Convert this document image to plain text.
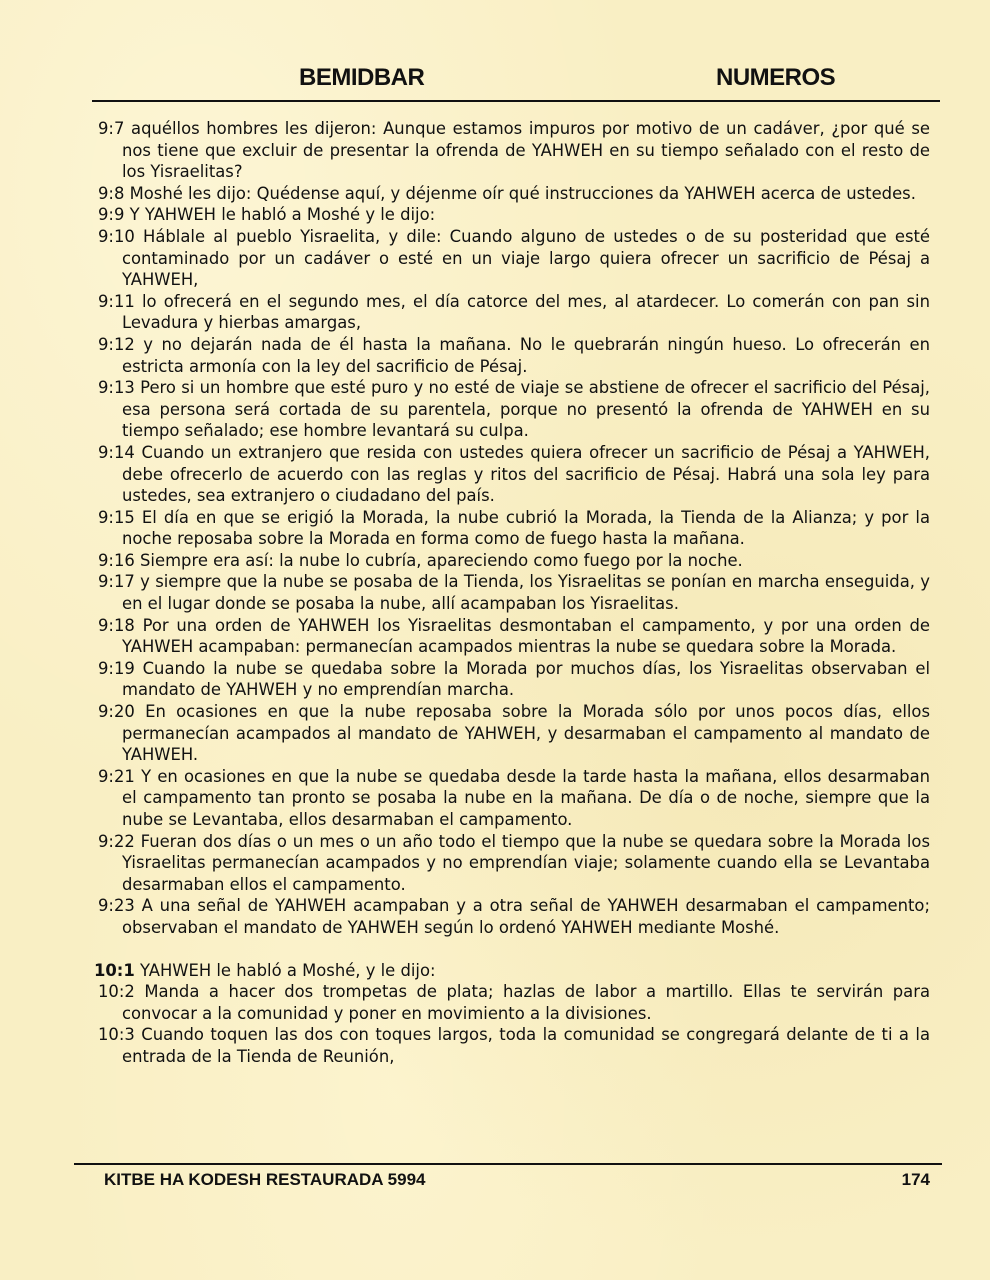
BEMIDBAR	NUMEROS
9:7 aquéllos hombres les dijeron: Aunque estamos impuros por motivo de un cadáver, ¿por qué se nos tiene que excluir de presentar la ofrenda de YAHWEH en su tiempo señalado con el resto de los Yisraelitas?
9:8 Moshé les dijo: Quédense aquí, y déjenme oír qué instrucciones da YAHWEH acerca de ustedes.
9:9 Y YAHWEH le habló a Moshé y le dijo:
9:10 Háblale al pueblo Yisraelita, y dile: Cuando alguno de ustedes o de su posteridad que esté contaminado por un cadáver o esté en un viaje largo quiera ofrecer un sacrificio de Pésaj a YAHWEH,
9:11 lo ofrecerá en el segundo mes, el día catorce del mes, al atardecer. Lo comerán con pan sin Levadura y hierbas amargas,
9:12 y no dejarán nada de él hasta la mañana. No le quebrarán ningún hueso. Lo ofrecerán en estricta armonía con la ley del sacrificio de Pésaj.
9:13 Pero si un hombre que esté puro y no esté de viaje se abstiene de ofrecer el sacrificio del Pésaj, esa persona será cortada de su parentela, porque no presentó la ofrenda de YAHWEH en su tiempo señalado; ese hombre levantará su culpa.
9:14 Cuando un extranjero que resida con ustedes quiera ofrecer un sacrificio de Pésaj a YAHWEH, debe ofrecerlo de acuerdo con las reglas y ritos del sacrificio de Pésaj. Habrá una sola ley para ustedes, sea extranjero o ciudadano del país.
9:15 El día en que se erigió la Morada, la nube cubrió la Morada, la Tienda de la Alianza; y por la noche reposaba sobre la Morada en forma como de fuego hasta la mañana.
9:16 Siempre era así: la nube lo cubría, apareciendo como fuego por la noche.
9:17 y siempre que la nube se posaba de la Tienda, los Yisraelitas se ponían en marcha enseguida, y en el lugar donde se posaba la nube, allí acampaban los Yisraelitas.
9:18 Por una orden de YAHWEH los Yisraelitas desmontaban el campamento, y por una orden de YAHWEH acampaban: permanecían acampados mientras la nube se quedara sobre la Morada.
9:19 Cuando la nube se quedaba sobre la Morada por muchos días, los Yisraelitas observaban el mandato de YAHWEH y no emprendían marcha.
9:20 En ocasiones en que la nube reposaba sobre la Morada sólo por unos pocos días, ellos permanecían acampados al mandato de YAHWEH, y desarmaban el campamento al mandato de YAHWEH.
9:21 Y en ocasiones en que la nube se quedaba desde la tarde hasta la mañana, ellos desarmaban el campamento tan pronto se posaba la nube en la mañana. De día o de noche, siempre que la nube se Levantaba, ellos desarmaban el campamento.
9:22 Fueran dos días o un mes o un año todo el tiempo que la nube se quedara sobre la Morada los Yisraelitas permanecían acampados y no emprendían viaje; solamente cuando ella se Levantaba desarmaban ellos el campamento.
9:23 A una señal de YAHWEH acampaban y a otra señal de YAHWEH desarmaban el campamento; observaban el mandato de YAHWEH según lo ordenó YAHWEH mediante Moshé.
10:1 YAHWEH le habló a Moshé, y le dijo:
10:2 Manda a hacer dos trompetas de plata; hazlas de labor a martillo. Ellas te servirán para convocar a la comunidad y poner en movimiento a la divisiones.
10:3 Cuando toquen las dos con toques largos, toda la comunidad se congregará delante de ti a la entrada de la Tienda de Reunión,
KITBE HA KODESH RESTAURADA 5994	174
